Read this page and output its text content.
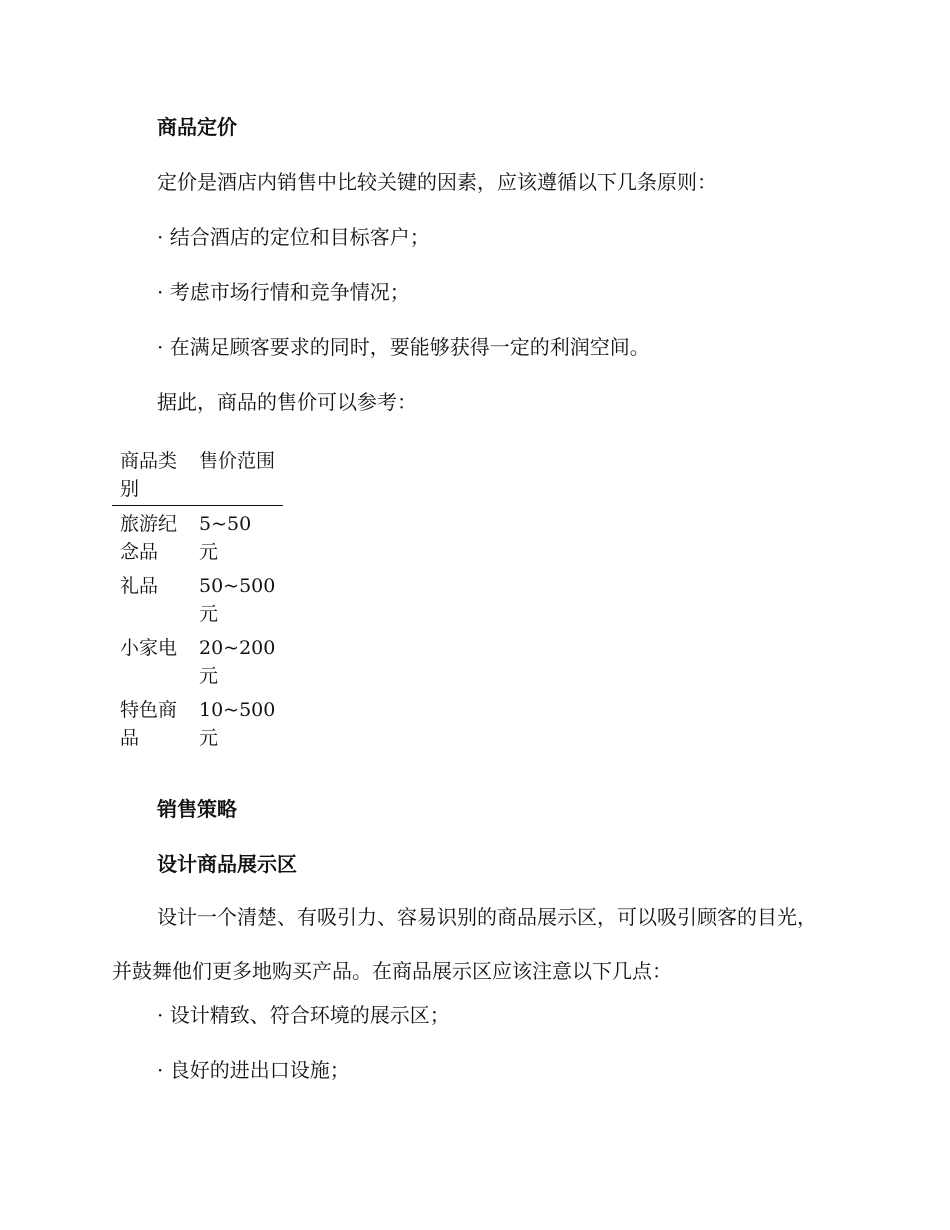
商品定价

定价是酒店内销售中比较关键的因素，应该遵循以下几条原则：

· 结合酒店的定位和目标客户；

· 考虑市场行情和竞争情况；

· 在满足顾客要求的同时，要能够获得一定的利润空间。

据此，商品的售价可以参考：

商品类别	售价范围
旅游纪念品	5~50 元
礼品	50~500 元
小家电	20~200 元
特色商品	10~500 元
销售策略
设计商品展示区

设计一个清楚、有吸引力、容易识别的商品展示区，可以吸引顾客的目光，并鼓舞他们更多地购买产品。在商品展示区应该注意以下几点：

· 设计精致、符合环境的展示区；

· 良好的进出口设施；
